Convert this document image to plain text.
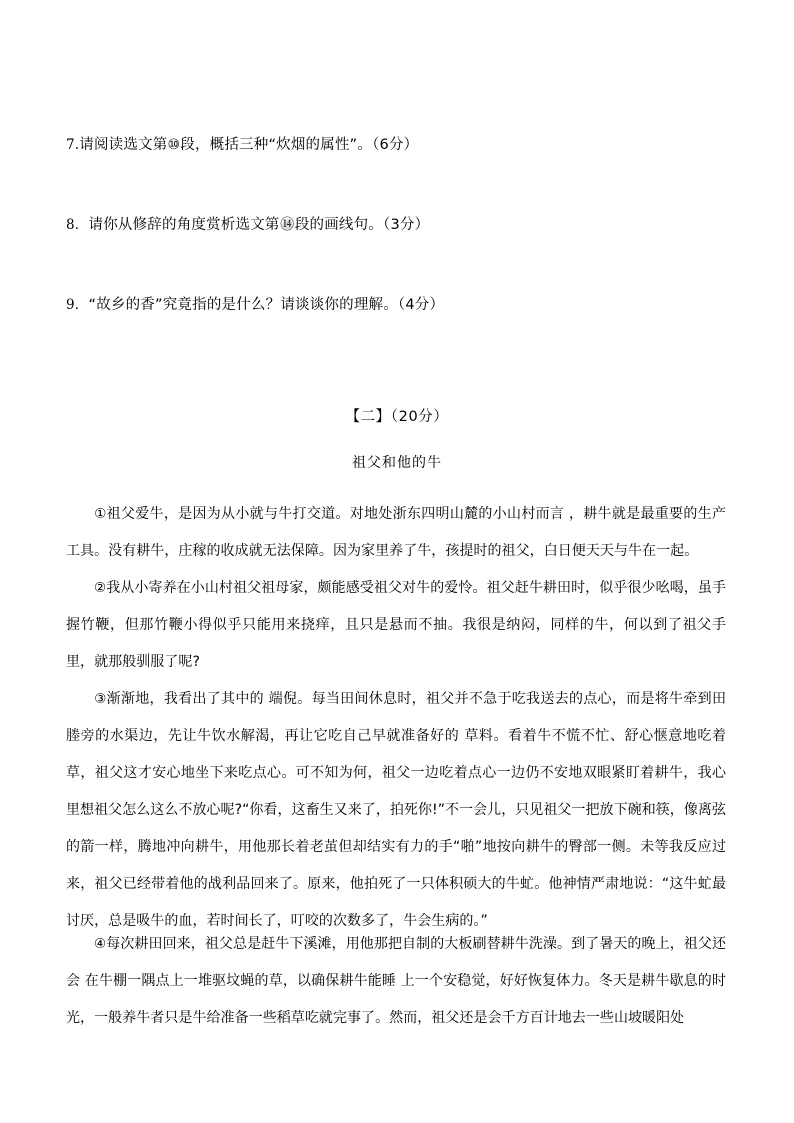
7.请阅读选文第⑩段，概括三种“炊烟的属性”。（6分）
8．请你从修辞的角度赏析选文第⑭段的画线句。（3分）
9．“故乡的香”究竟指的是什么？请谈谈你的理解。（4分）
【二】（20分）
祖父和他的牛
①祖父爱牛，是因为从小就与牛打交道。对地处浙东四明山麓的小山村而言 ，耕牛就是最重要的生产工具。没有耕牛，庄稼的收成就无法保障。因为家里养了牛，孩提时的祖父，白日便天天与牛在一起。
②我从小寄养在小山村祖父祖母家，颇能感受祖父对牛的爱怜。祖父赶牛耕田时，似乎很少吆喝，虽手握竹鞭，但那竹鞭小得似乎只能用来挠痒，且只是悬而不抽。我很是纳闷，同样的牛，何以到了祖父手里，就那般驯服了呢?
③渐渐地，我看出了其中的 端倪。每当田间休息时，祖父并不急于吃我送去的点心，而是将牛牵到田塍旁的水渠边，先让牛饮水解渴，再让它吃自己早就准备好的 草料。看着牛不慌不忙、舒心惬意地吃着草，祖父这才安心地坐下来吃点心。可不知为何，祖父一边吃着点心一边仍不安地双眼紧盯着耕牛，我心里想祖父怎么这么不放心呢?“你看，这畜生又来了，拍死你!”不一会儿，只见祖父一把放下碗和筷，像离弦的箭一样，腾地冲向耕牛，用他那长着老茧但却结实有力的手“啪”地按向耕牛的臀部一侧。未等我反应过来，祖父已经带着他的战利品回来了。原来，他拍死了一只体积硕大的牛虻。他神情严肃地说：“这牛虻最讨厌，总是吸牛的血，若时间长了，叮咬的次数多了，牛会生病的。”
④每次耕田回来，祖父总是赶牛下溪滩，用他那把自制的大板刷替耕牛洗澡。到了暑天的晚上，祖父还会 在牛棚一隅点上一堆驱坟蝇的草，以确保耕牛能睡 上一个安稳觉，好好恢复体力。冬天是耕牛歇息的时光，一般养牛者只是牛给准备一些稻草吃就完事了。然而，祖父还是会千方百计地去一些山坡暖阳处
